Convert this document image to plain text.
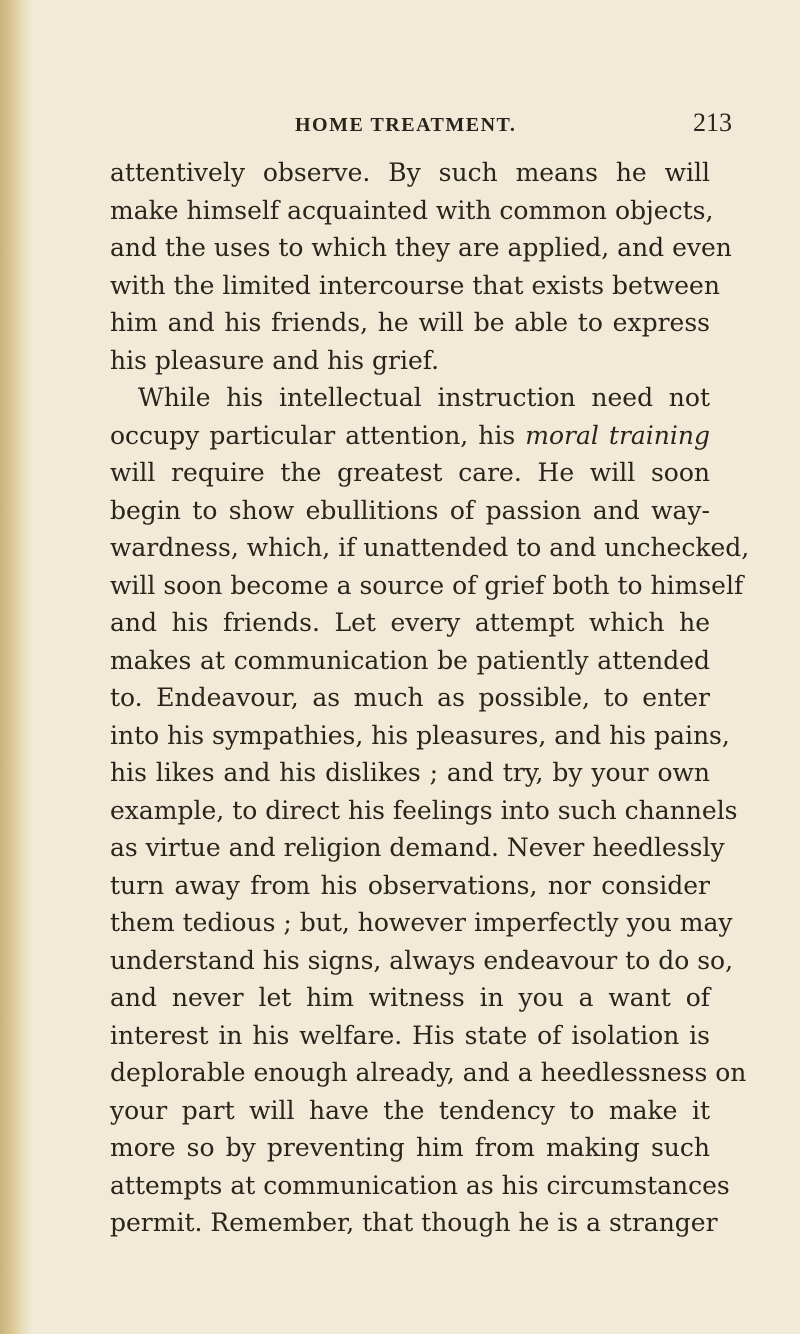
HOME TREATMENT.	213
attentively observe. By such means he will
make himself acquainted with common objects,
and the uses to which they are applied, and even
with the limited intercourse that exists between
him and his friends, he will be able to express
his pleasure and his grief.
While his intellectual instruction need not
occupy particular attention, his moral training
will require the greatest care. He will soon
begin to show ebullitions of passion and way-
wardness, which, if unattended to and unchecked,
will soon become a source of grief both to himself
and his friends. Let every attempt which he
makes at communication be patiently attended
to. Endeavour, as much as possible, to enter
into his sympathies, his pleasures, and his pains,
his likes and his dislikes ; and try, by your own
example, to direct his feelings into such channels
as virtue and religion demand. Never heedlessly
turn away from his observations, nor consider
them tedious ; but, however imperfectly you may
understand his signs, always endeavour to do so,
and never let him witness in you a want of
interest in his welfare. His state of isolation is
deplorable enough already, and a heedlessness on
your part will have the tendency to make it
more so by preventing him from making such
attempts at communication as his circumstances
permit. Remember, that though he is a stranger
